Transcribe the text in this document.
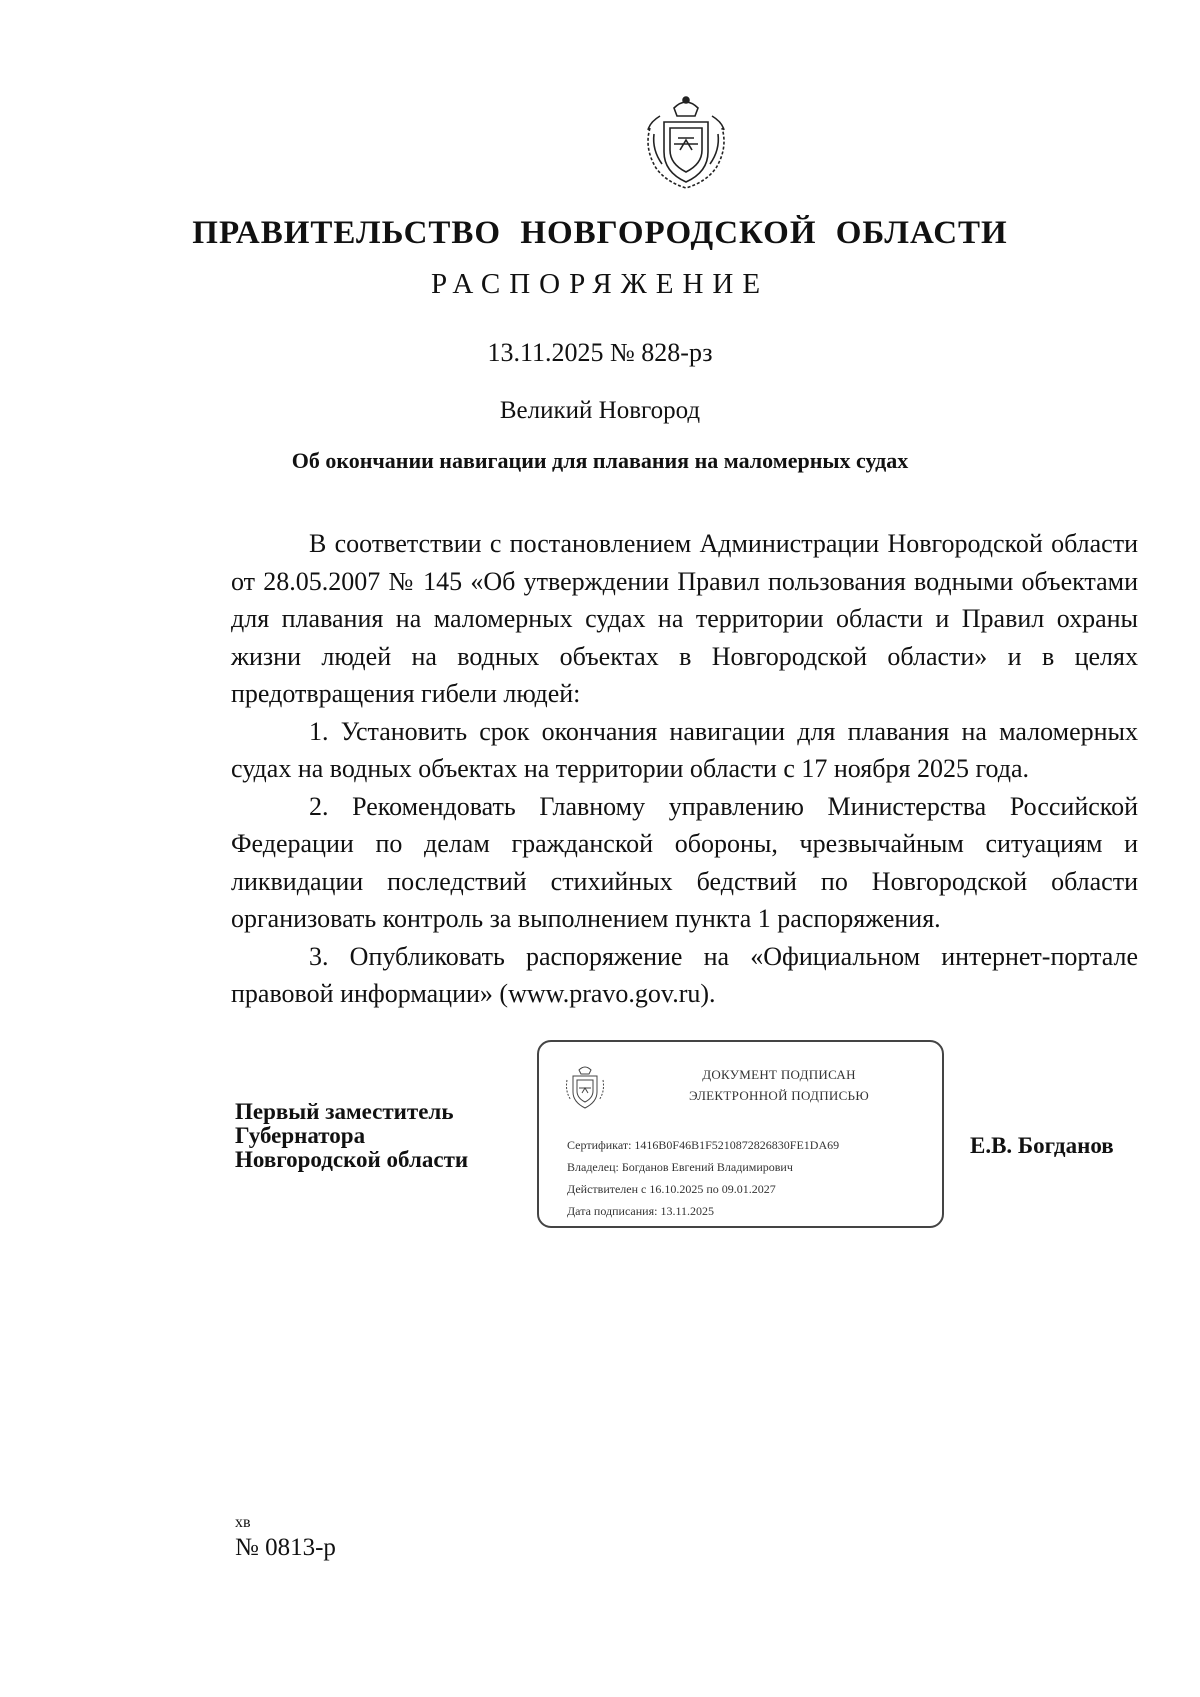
ПРАВИТЕЛЬСТВО НОВГОРОДСКОЙ ОБЛАСТИ
РАСПОРЯЖЕНИЕ
13.11.2025 № 828-рз
Великий Новгород
Об окончании навигации для плавания на маломерных судах

В соответствии с постановлением Администрации Новгородской области от 28.05.2007 № 145 «Об утверждении Правил пользования водными объектами для плавания на маломерных судах на территории области и Правил охраны жизни людей на водных объектах в Новгородской области» и в целях предотвращения гибели людей:

1. Установить срок окончания навигации для плавания на маломерных судах на водных объектах на территории области с 17 ноября 2025 года.

2. Рекомендовать Главному управлению Министерства Российской Федерации по делам гражданской обороны, чрезвычайным ситуациям и ликвидации последствий стихийных бедствий по Новгородской области организовать контроль за выполнением пункта 1 распоряжения.

3. Опубликовать распоряжение на «Официальном интернет-портале правовой информации» (www.pravo.gov.ru).

Первый заместитель
Губернатора
Новгородской области
ДОКУМЕНТ ПОДПИСАН
ЭЛЕКТРОННОЙ ПОДПИСЬЮ
Сертификат: 1416B0F46B1F5210872826830FE1DA69
Владелец: Богданов Евгений Владимирович
Действителен с 16.10.2025 по 09.01.2027
Дата подписания: 13.11.2025
Е.В. Богданов
хв
№ 0813-р
